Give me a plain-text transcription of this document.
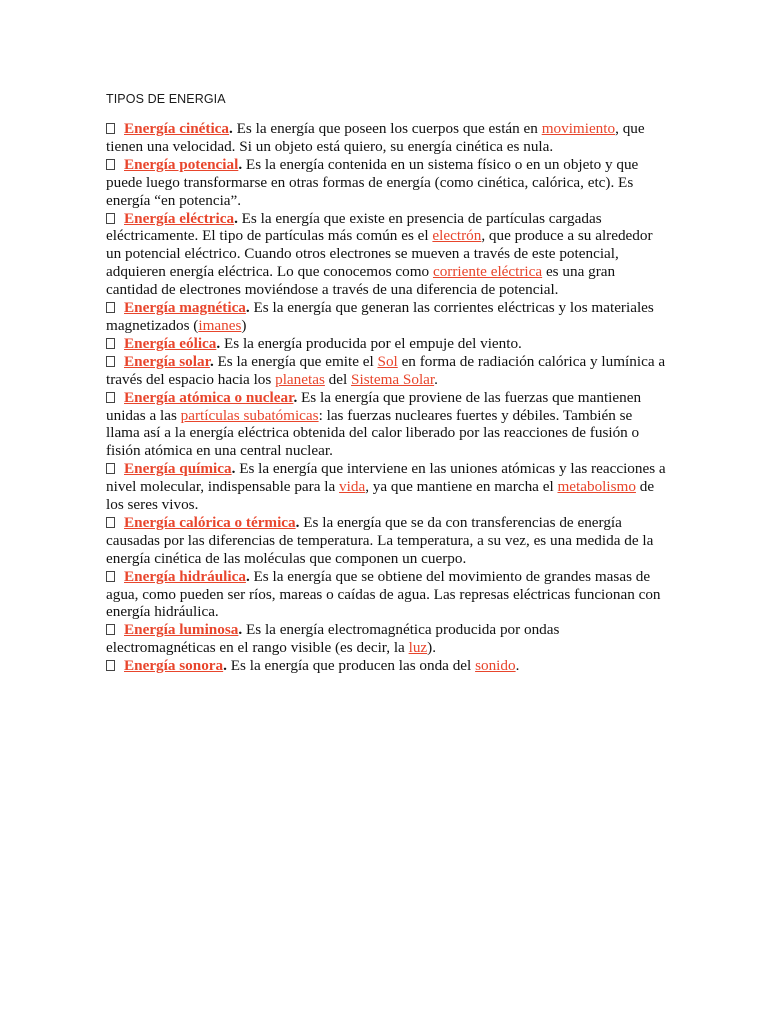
TIPOS DE ENERGIA
Energía cinética. Es la energía que poseen los cuerpos que están en movimiento, que tienen una velocidad. Si un objeto está quiero, su energía cinética es nula.
Energía potencial. Es la energía contenida en un sistema físico o en un objeto y que puede luego transformarse en otras formas de energía (como cinética, calórica, etc). Es energía “en potencia”.
Energía eléctrica. Es la energía que existe en presencia de partículas cargadas eléctricamente. El tipo de partículas más común es el electrón, que produce a su alrededor un potencial eléctrico. Cuando otros electrones se mueven a través de este potencial, adquieren energía eléctrica. Lo que conocemos como corriente eléctrica es una gran cantidad de electrones moviéndose a través de una diferencia de potencial.
Energía magnética. Es la energía que generan las corrientes eléctricas y los materiales magnetizados (imanes)
Energía eólica. Es la energía producida por el empuje del viento.
Energía solar. Es la energía que emite el Sol en forma de radiación calórica y lumínica a través del espacio hacia los planetas del Sistema Solar.
Energía atómica o nuclear. Es la energía que proviene de las fuerzas que mantienen unidas a las partículas subatómicas: las fuerzas nucleares fuertes y débiles. También se llama así a la energía eléctrica obtenida del calor liberado por las reacciones de fusión o fisión atómica en una central nuclear.
Energía química. Es la energía que interviene en las uniones atómicas y las reacciones a nivel molecular, indispensable para la vida, ya que mantiene en marcha el metabolismo de los seres vivos.
Energía calórica o térmica. Es la energía que se da con transferencias de energía causadas por las diferencias de temperatura. La temperatura, a su vez, es una medida de la energía cinética de las moléculas que componen un cuerpo.
Energía hidráulica. Es la energía que se obtiene del movimiento de grandes masas de agua, como pueden ser ríos, mareas o caídas de agua. Las represas eléctricas funcionan con energía hidráulica.
Energía luminosa. Es la energía electromagnética producida por ondas electromagnéticas en el rango visible (es decir, la luz).
Energía sonora. Es la energía que producen las onda del sonido.
